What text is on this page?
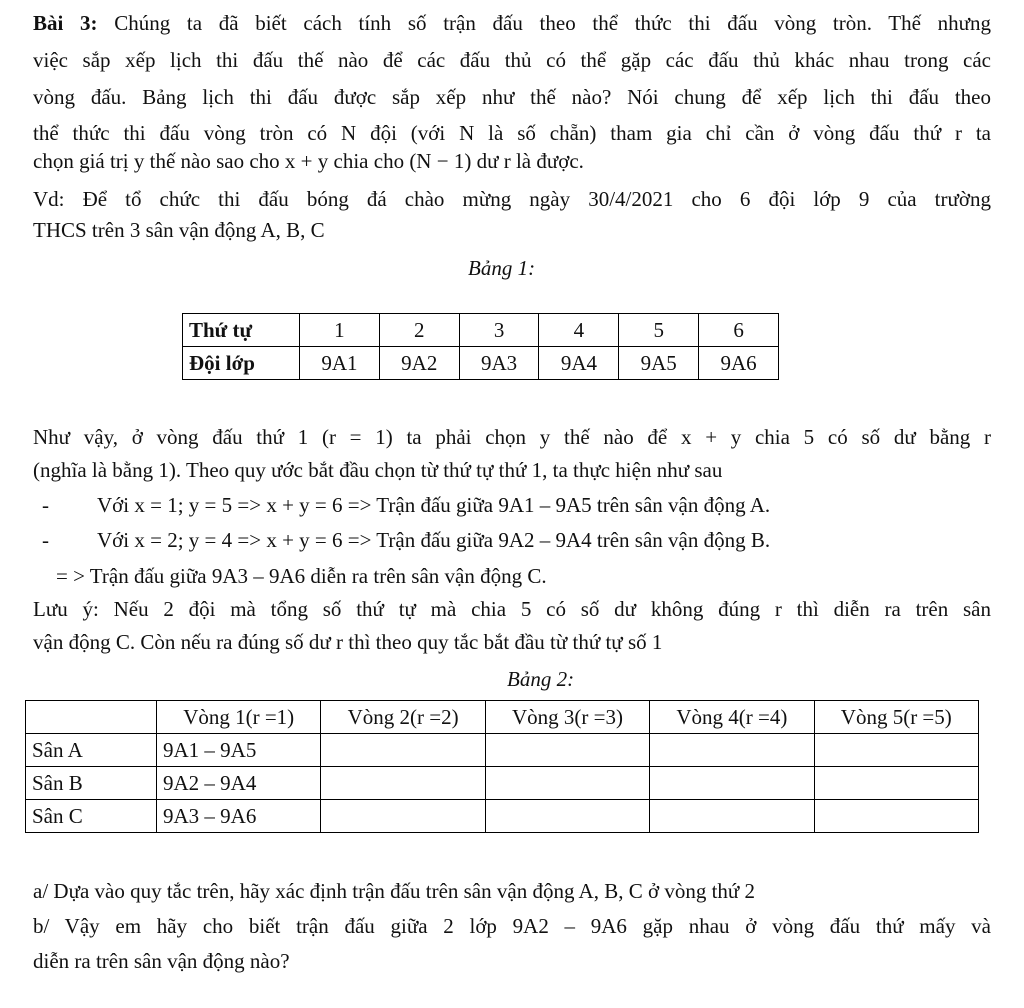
Bài 3: Chúng ta đã biết cách tính số trận đấu theo thể thức thi đấu vòng tròn. Thế nhưng
việc sắp xếp lịch thi đấu thế nào để các đấu thủ có thể gặp các đấu thủ khác nhau trong các
vòng đấu. Bảng lịch thi đấu được sắp xếp như thế nào? Nói chung để xếp lịch thi đấu theo
thể thức thi đấu vòng tròn có N đội (với N là số chẵn) tham gia chỉ cần ở vòng đấu thứ r ta
chọn giá trị y thế nào sao cho x + y chia cho (N − 1) dư r là được.
Vd: Để tổ chức thi đấu bóng đá chào mừng ngày 30/4/2021 cho 6 đội lớp 9 của trường
THCS trên 3 sân vận động A, B, C
Bảng 1:
Thứ tự	1	2	3	4	5	6
Đội lớp	9A1	9A2	9A3	9A4	9A5	9A6
Như vậy, ở vòng đấu thứ 1 (r = 1) ta phải chọn y thế nào để x + y chia 5 có số dư bằng r
(nghĩa là bằng 1). Theo quy ước bắt đầu chọn từ thứ tự thứ 1, ta thực hiện như sau
- Với x = 1; y = 5 => x + y = 6 => Trận đấu giữa 9A1 – 9A5 trên sân vận động A.
- Với x = 2; y = 4 => x + y = 6 => Trận đấu giữa 9A2 – 9A4 trên sân vận động B.
= > Trận đấu giữa 9A3 – 9A6 diễn ra trên sân vận động C.
Lưu ý: Nếu 2 đội mà tổng số thứ tự mà chia 5 có số dư không đúng r thì diễn ra trên sân
vận động C. Còn nếu ra đúng số dư r thì theo quy tắc bắt đầu từ thứ tự số 1
Bảng 2:
	Vòng 1(r =1)	Vòng 2(r =2)	Vòng 3(r =3)	Vòng 4(r =4)	Vòng 5(r =5)
Sân A	9A1 – 9A5				
Sân B	9A2 – 9A4				
Sân C	9A3 – 9A6				
a/ Dựa vào quy tắc trên, hãy xác định trận đấu trên sân vận động A, B, C ở vòng thứ 2
b/ Vậy em hãy cho biết trận đấu giữa 2 lớp 9A2 – 9A6 gặp nhau ở vòng đấu thứ mấy và
diễn ra trên sân vận động nào?
